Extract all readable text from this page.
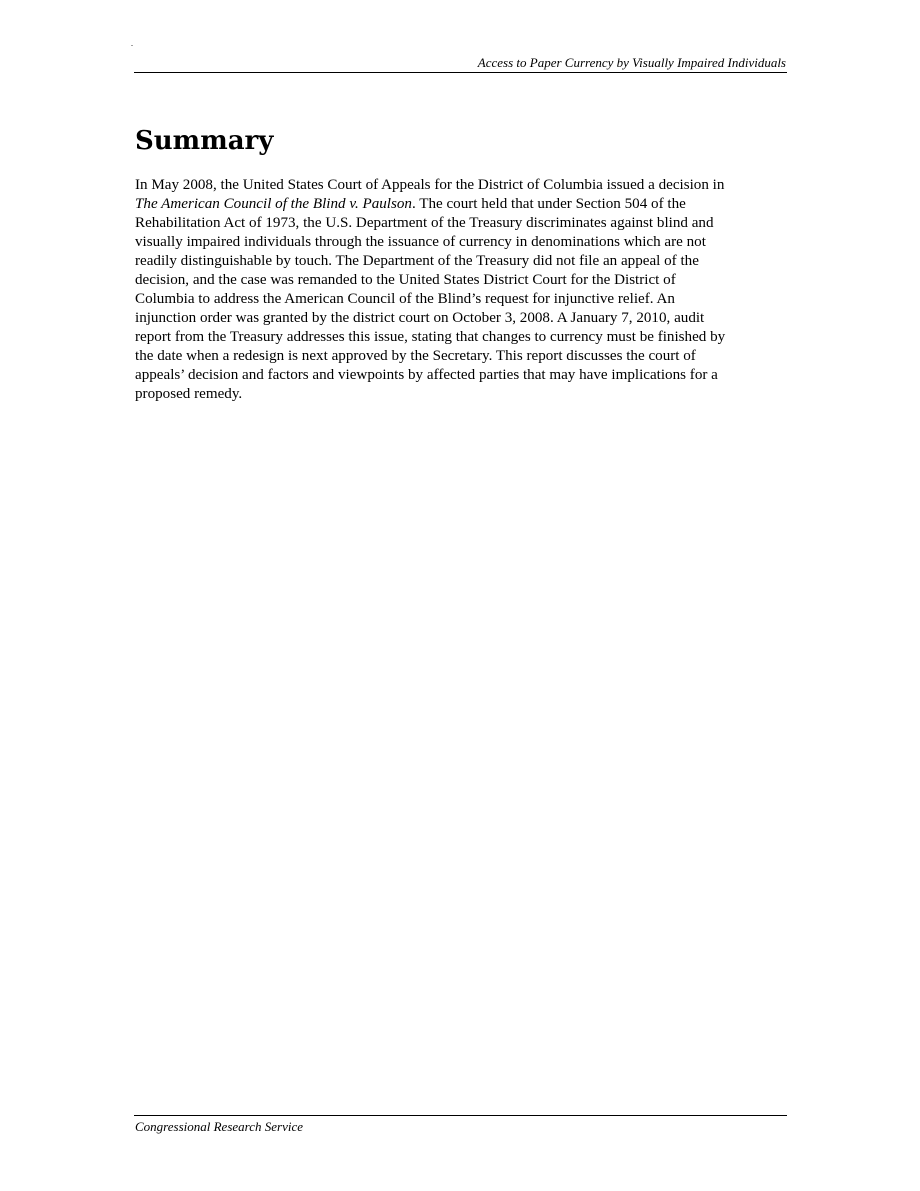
.
Access to Paper Currency by Visually Impaired Individuals
Summary
In May 2008, the United States Court of Appeals for the District of Columbia issued a decision in
The American Council of the Blind v. Paulson. The court held that under Section 504 of the
Rehabilitation Act of 1973, the U.S. Department of the Treasury discriminates against blind and
visually impaired individuals through the issuance of currency in denominations which are not
readily distinguishable by touch. The Department of the Treasury did not file an appeal of the
decision, and the case was remanded to the United States District Court for the District of
Columbia to address the American Council of the Blind’s request for injunctive relief. An
injunction order was granted by the district court on October 3, 2008. A January 7, 2010, audit
report from the Treasury addresses this issue, stating that changes to currency must be finished by
the date when a redesign is next approved by the Secretary. This report discusses the court of
appeals’ decision and factors and viewpoints by affected parties that may have implications for a
proposed remedy.
Congressional Research Service
